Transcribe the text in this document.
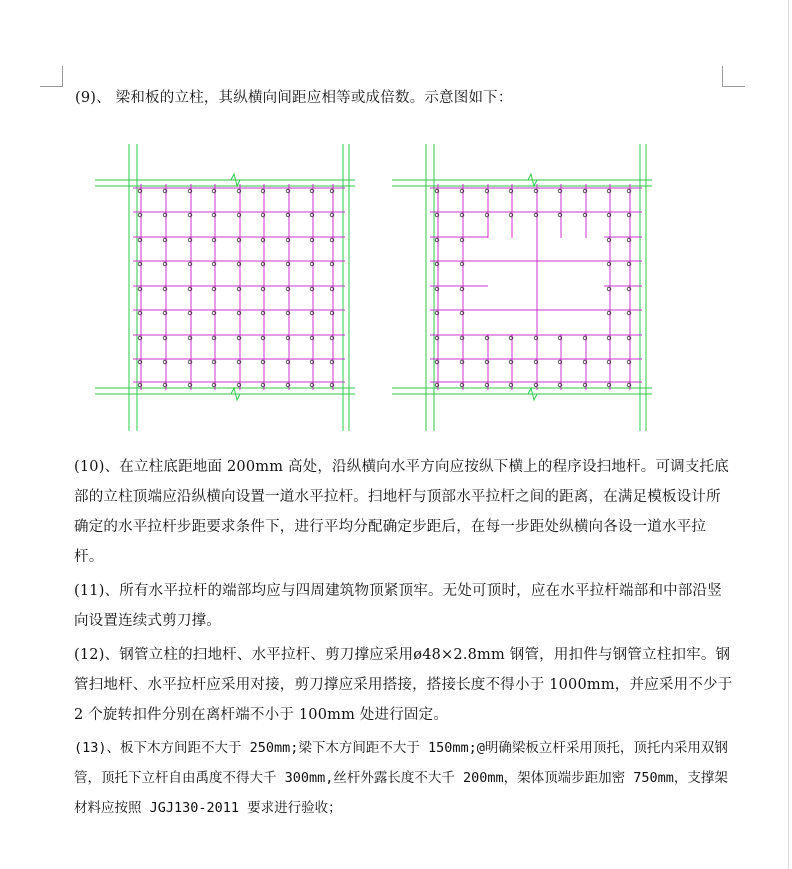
(9)、 梁和板的立柱，其纵横向间距应相等或成倍数。示意图如下：
(10)、在立柱底距地面 200mm 高处，沿纵横向水平方向应按纵下横上的程序设扫地杆。可调支托底部的立柱顶端应沿纵横向设置一道水平拉杆。扫地杆与顶部水平拉杆之间的距离，在满足模板设计所确定的水平拉杆步距要求条件下，进行平均分配确定步距后，在每一步距处纵横向各设一道水平拉杆。
(11)、所有水平拉杆的端部均应与四周建筑物顶紧顶牢。无处可顶时，应在水平拉杆端部和中部沿竖向设置连续式剪刀撑。
(12)、钢管立柱的扫地杆、水平拉杆、剪刀撑应采用ø48×2.8mm 钢管，用扣件与钢管立柱扣牢。钢管扫地杆、水平拉杆应采用对接，剪刀撑应采用搭接，搭接长度不得小于 1000mm，并应采用不少于 2 个旋转扣件分别在离杆端不小于 100mm 处进行固定。
(13)、板下木方间距不大于 250mm;梁下木方间距不大于 150mm;@明确梁板立杆采用顶托，顶托内采用双钢管，顶托下立杆自由禹度不得大千 300mm,丝杆外露长度不大千 200mm，架体顶端步距加密 750mm，支撑架材料应按照 JGJ130-2011 要求进行验收；
